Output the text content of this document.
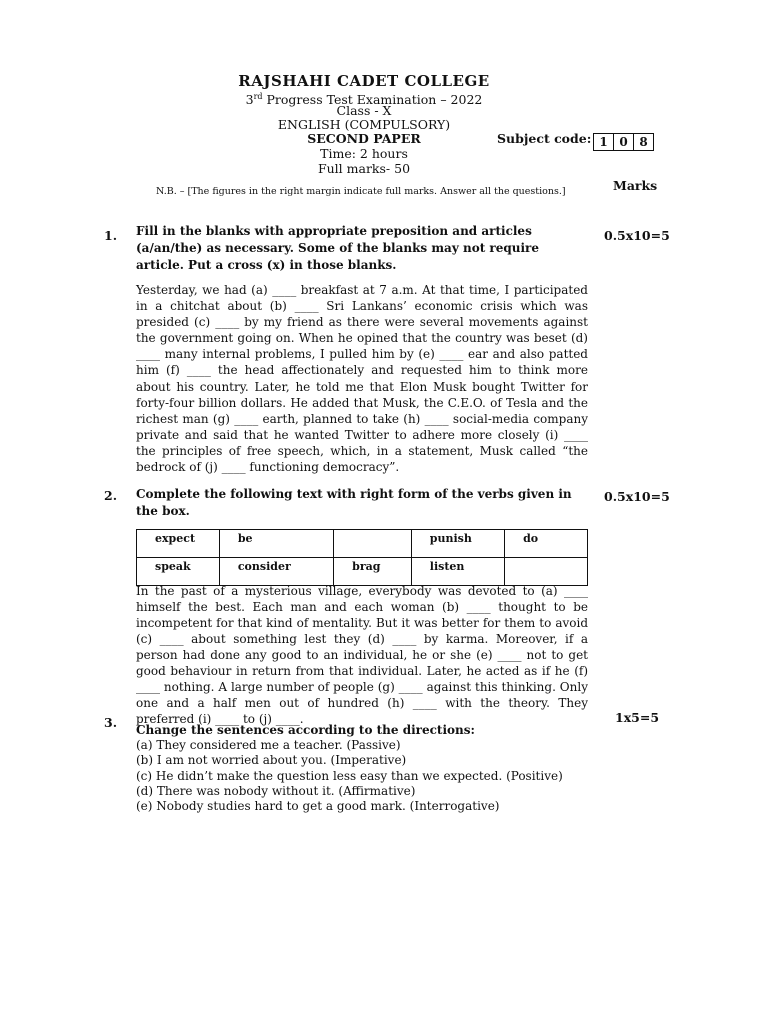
RAJSHAHI CADET COLLEGE
3rd Progress Test Examination – 2022
Class - X
ENGLISH (COMPULSORY)
SECOND PAPER
Time: 2 hours
Full marks- 50
Subject code: 1 0 8
Marks
N.B. – [The figures in the right margin indicate full marks. Answer all the questions.]
1.	0.5x10=5
Fill in the blanks with appropriate preposition and articles (a/an/the) as necessary. Some of the blanks may not require article. Put a cross (x) in those blanks.
Yesterday, we had (a) ____ breakfast at 7 a.m. At that time, I participated in a chitchat about (b) ____ Sri Lankans’ economic crisis which was presided (c) ____ by my friend as there were several movements against the government going on. When he opined that the country was beset (d) ____ many internal problems, I pulled him by (e) ____ ear and also patted him (f) ____ the head affectionately and requested him to think more about his country. Later, he told me that Elon Musk bought Twitter for forty-four billion dollars. He added that Musk, the C.E.O. of Tesla and the richest man (g) ____ earth, planned to take (h) ____ social-media company private and said that he wanted Twitter to adhere more closely (i) ____ the principles of free speech, which, in a statement, Musk called “the bedrock of (j) ____ functioning democracy”.
2.	0.5x10=5
Complete the following text with right form of the verbs given in the box.
expect	be		punish	do
speak	consider	brag	listen	
In the past of a mysterious village, everybody was devoted to (a) ____ himself the best. Each man and each woman (b) ____ thought to be incompetent for that kind of mentality. But it was better for them to avoid (c) ____ about something lest they (d) ____ by karma. Moreover, if a person had done any good to an individual, he or she (e) ____ not to get good behaviour in return from that individual. Later, he acted as if he (f) ____ nothing. A large number of people (g) ____ against this thinking. Only one and a half men out of hundred (h) ____ with the theory. They preferred (i) ____ to (j) ____.
3.	1x5=5
Change the sentences according to the directions:
(a) They considered me a teacher. (Passive)
(b) I am not worried about you. (Imperative)
(c) He didn’t make the question less easy than we expected. (Positive)
(d) There was nobody without it. (Affirmative)
(e) Nobody studies hard to get a good mark. (Interrogative)
